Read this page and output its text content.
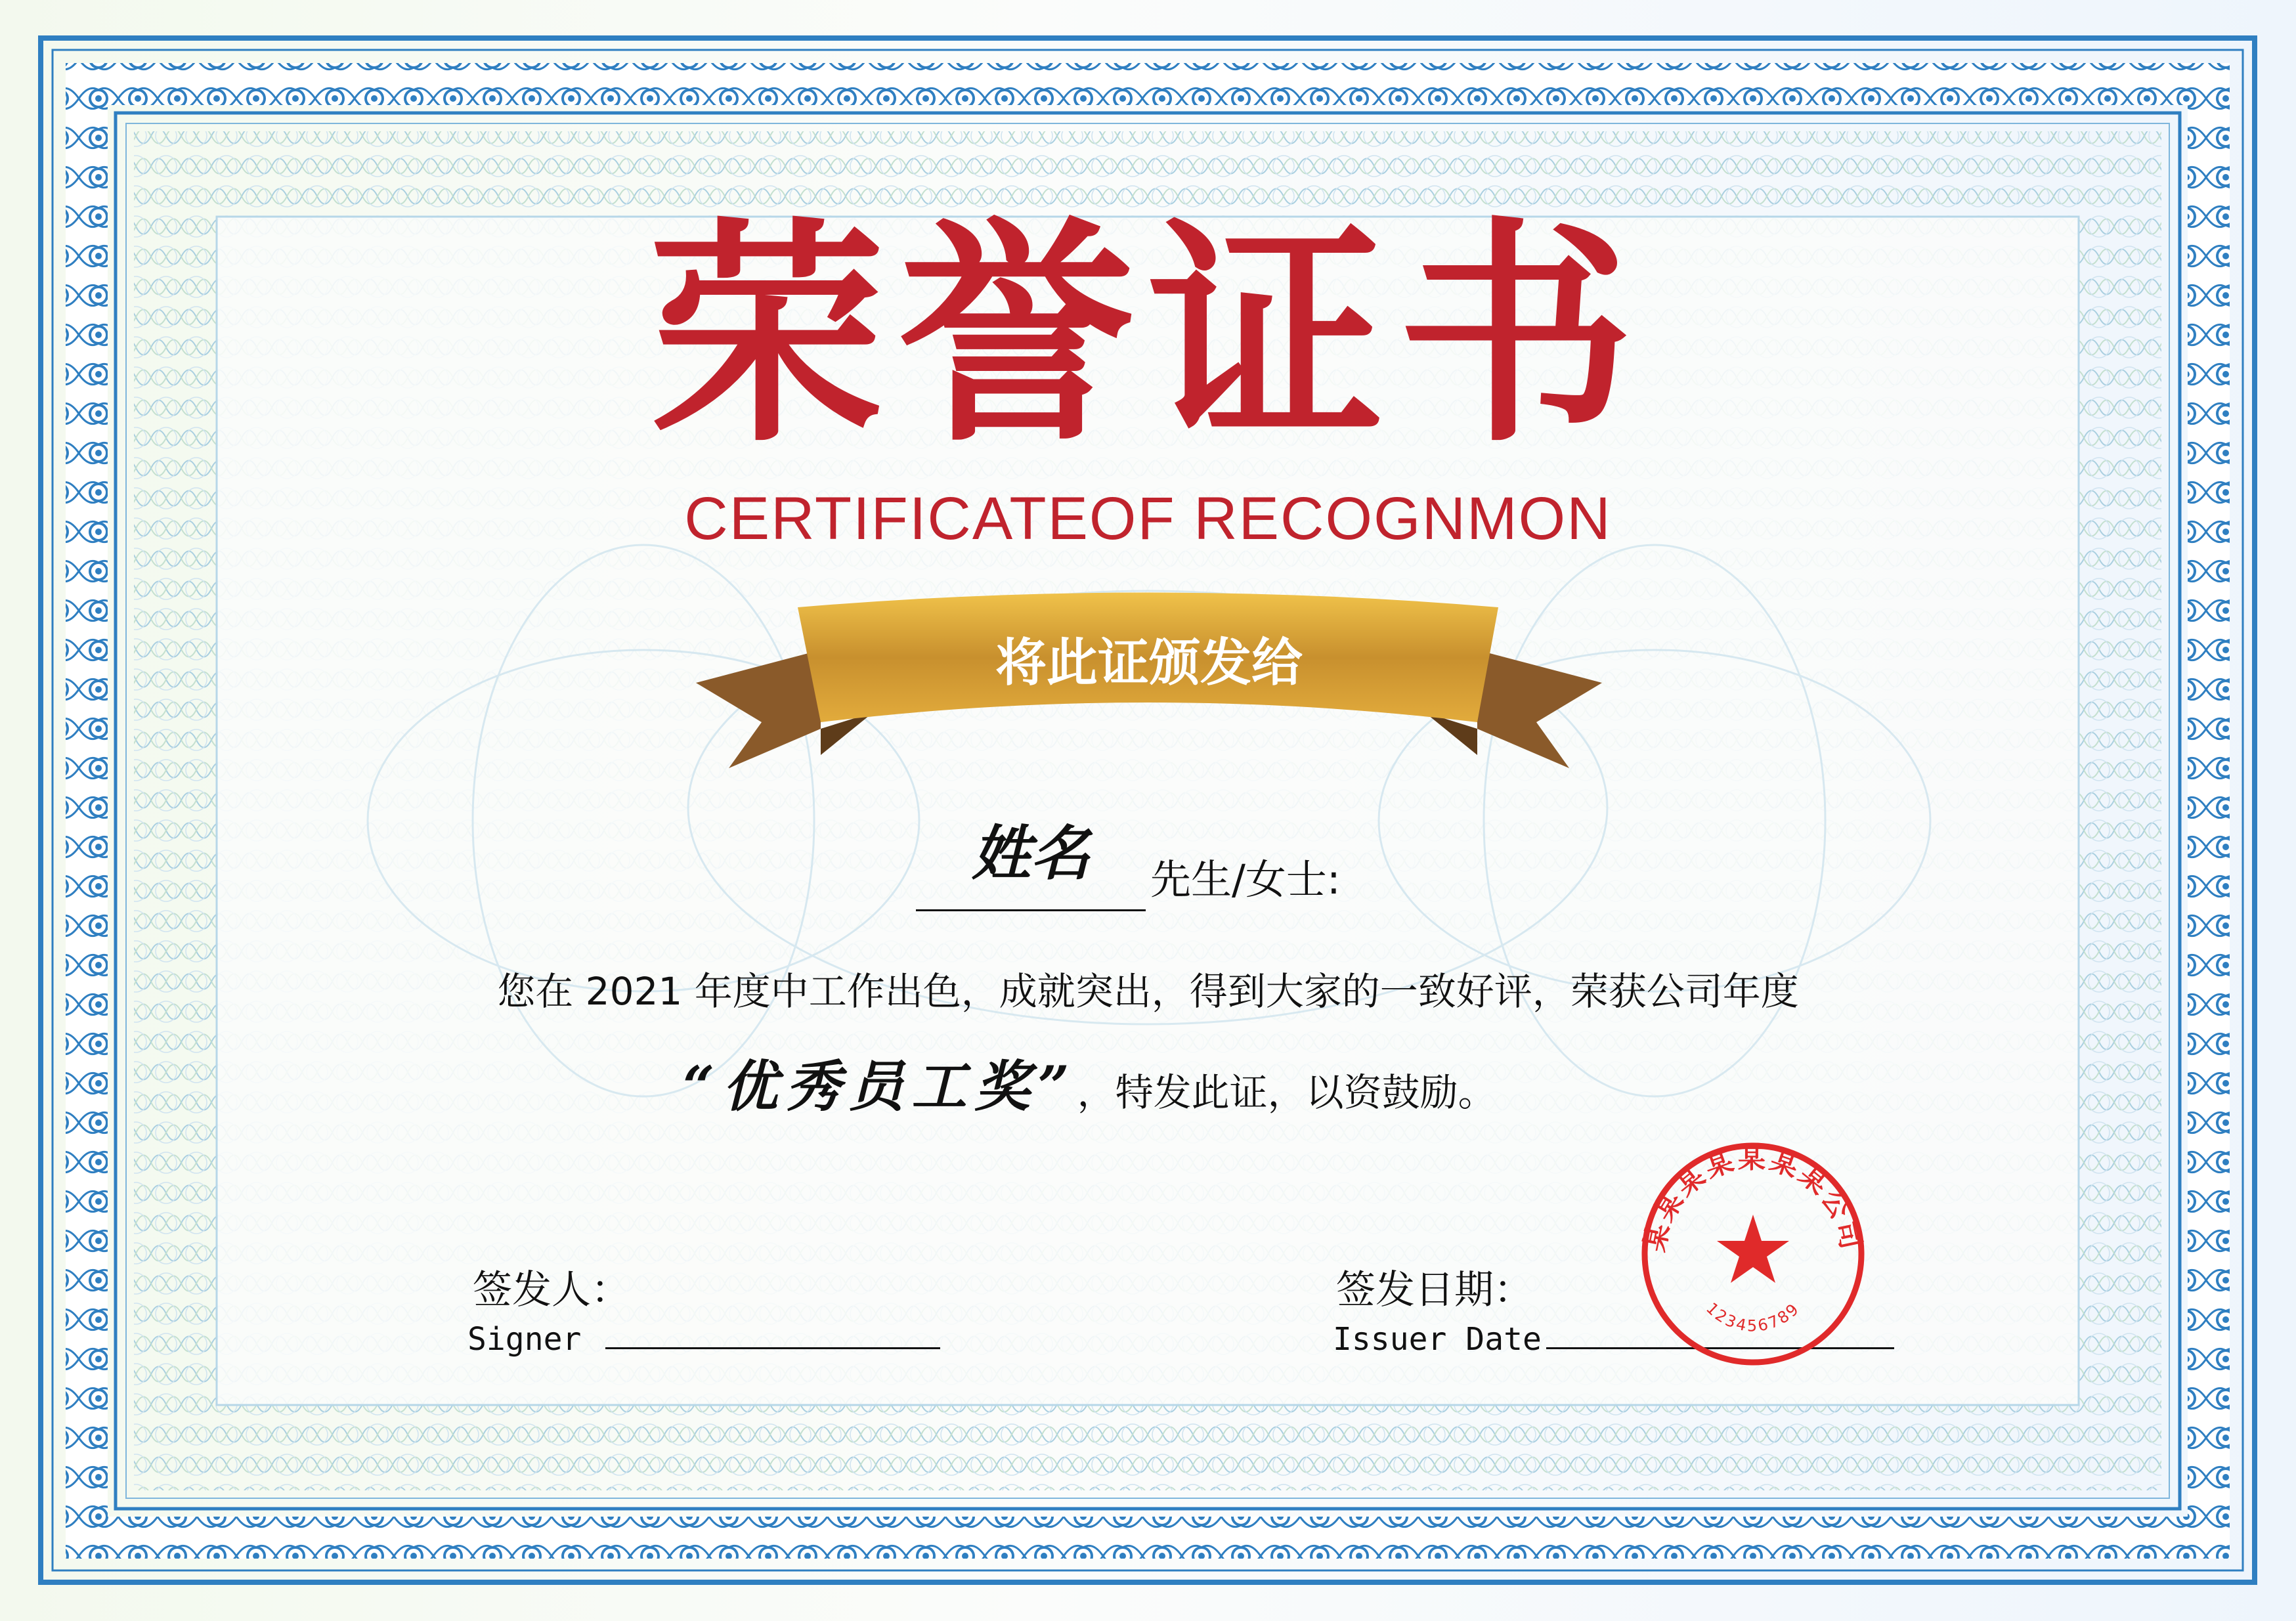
荣誉证书
CERTIFICATEOF RECOGNMON
将此证颁发给
姓名	先生/女士:
您在 2021 年度中工作出色，成就突出，得到大家的一致好评，荣获公司年度
“优秀员工奖”，特发此证，以资鼓励。
签发人：
Signer
签发日期：
Issuer Date
某某某某某某某公司
123456789
